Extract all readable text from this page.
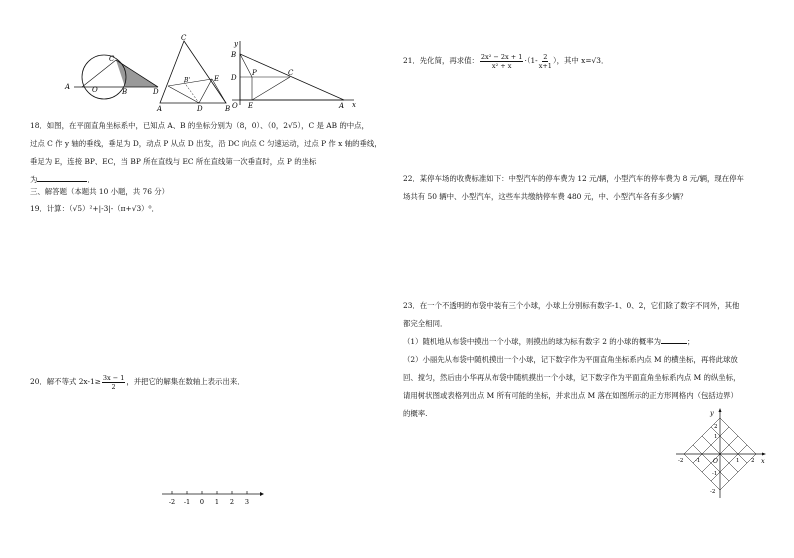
C
A	O	B	D
C
B'	E
A	D	B
y
B
D
P	C
E
O	A x
18．如图，在平面直角坐标系中，已知点 A、B 的坐标分别为（8，0）、（0，2√5），C 是 AB 的中点，
过点 C 作 y 轴的垂线，垂足为 D，动点 P 从点 D 出发，沿 DC 向点 C 匀速运动，过点 P 作 x 轴的垂线，
垂足为 E，连接 BP、EC，当 BP 所在直线与 EC 所在直线第一次垂直时，点 P 的坐标
为	．
三、解答题（本题共 10 小题，共 76 分）
19．计算：（√5）²+|-3|-（π+√3）⁰．
20．解不等式 $2x-1\ge \frac{3x - 1}{2}$ ，并把它的解集在数轴上表示出来．
-2 -1 0 1 2 3
21．先化简，再求值： $\frac{\text{2x² − 2x + 1}}{\text{x² + x}} \cdot(1- \frac{2}{x+1}$ ），其中 x=√3．
22．某停车场的收费标准如下：中型汽车的停车费为 12 元/辆，小型汽车的停车费为 8 元/辆，现在停车
场共有 50 辆中、小型汽车，这些车共缴纳停车费 480 元，中、小型汽车各有多少辆？
23．在一个不透明的布袋中装有三个小球，小球上分别标有数字-1、0、2，它们除了数字不同外，其他
都完全相同．
（1）随机地从布袋中摸出一个小球，则摸出的球为标有数字 2 的小球的概率为	；
（2）小丽先从布袋中随机摸出一个小球，记下数字作为平面直角坐标系内点 M 的横坐标，再将此球放
回、搅匀，然后由小华再从布袋中随机摸出一个小球，记下数字作为平面直角坐标系内点 M 的纵坐标，
请用树状图或表格列出点 M 所有可能的坐标，并求出点 M 落在如图所示的正方形网格内（包括边界）
的概率.	y
x
O
2
1
-1
-2
-2 -1	1 2
